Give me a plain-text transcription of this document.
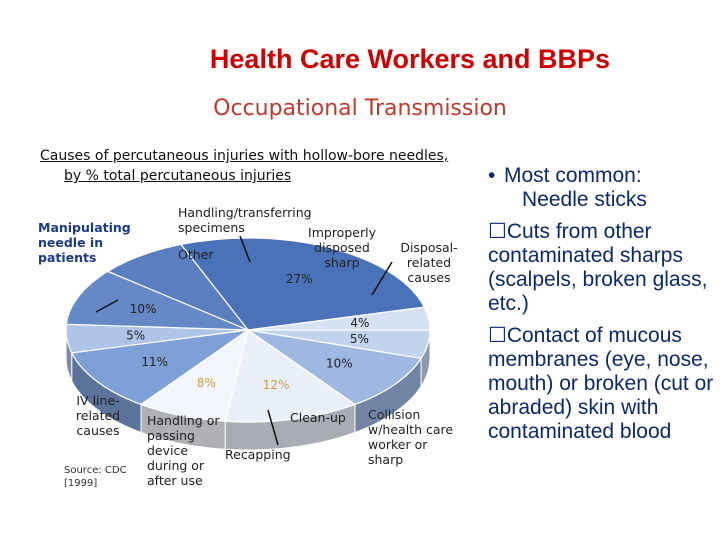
Health Care Workers and BBPs
Occupational Transmission
Causes of percutaneous injuries with hollow-bore needles,
by % total percutaneous injuries
27%
4%
5%
10%
12%
8%
11%
5%
10%
Manipulating needle in patients
Handling/transferring specimens	Improperly disposed sharp
Other	Disposal-related causes
IV line-related causes
Source: CDC [1999]
Handling or passing device during or after use
Recapping
Clean-up Collision w/health care worker or sharp
• Most common:
Needle sticks
☐Cuts from other contaminated sharps (scalpels, broken glass, etc.)
☐Contact of mucous membranes (eye, nose, mouth) or broken (cut or abraded) skin with contaminated blood
